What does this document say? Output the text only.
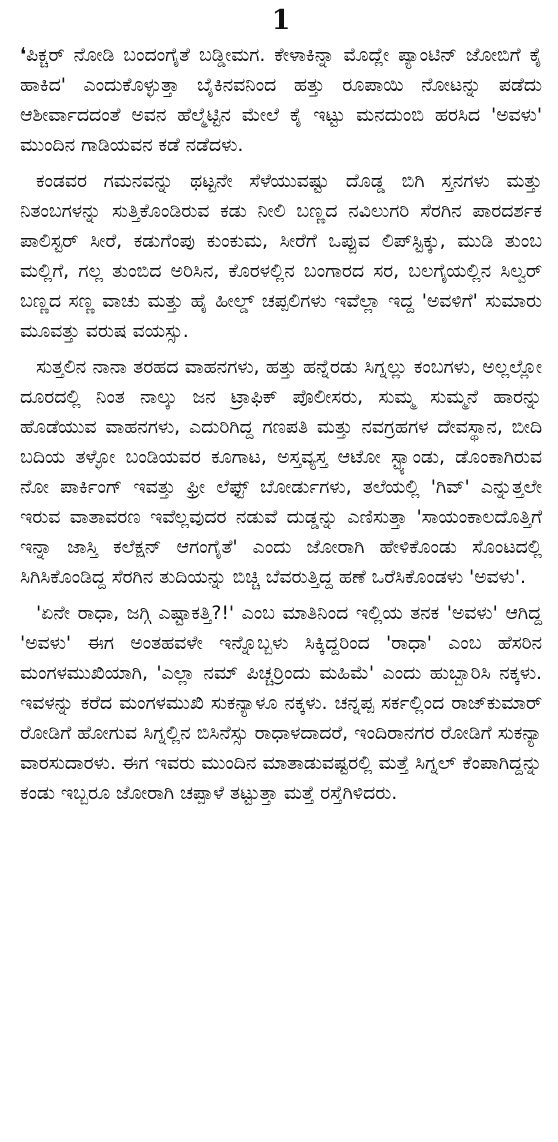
1

❛ಪಿಕ್ಚರ್ ನೋಡಿ ಬಂದಂಗೈತೆ ಬಡ್ಡೀಮಗ. ಕೇಳಾಕಿನ್ನಾ ಮೊದ್ಲೇ ಪ್ಯಾಂಟಿನ್ ಜೋಬಿಗೆ ಕೈ ಹಾಕಿದ' ಎಂದುಕೊಳ್ಳುತ್ತಾ ಬೈಕಿನವನಿಂದ ಹತ್ತು ರೂಪಾಯಿ ನೋಟನ್ನು ಪಡೆದು ಆಶೀರ್ವಾದದಂತೆ ಅವನ ಹೆಲ್ಮೆಟ್ಟಿನ ಮೇಲೆ ಕೈ ಇಟ್ಟು ಮನದುಂಬಿ ಹರಸಿದ 'ಅವಳು' ಮುಂದಿನ ಗಾಡಿಯವನ ಕಡೆ ನಡೆದಳು.

ಕಂಡವರ ಗಮನವನ್ನು ಥಟ್ಟನೇ ಸೆಳೆಯುವಷ್ಟು ದೊಡ್ಡ ಬಿಗಿ ಸ್ತನಗಳು ಮತ್ತು ನಿತಂಬಗಳನ್ನು ಸುತ್ತಿಕೊಂಡಿರುವ ಕಡು ನೀಲಿ ಬಣ್ಣದ ನವಿಲುಗರಿ ಸೆರಗಿನ ಪಾರದರ್ಶಕ ಪಾಲಿಸ್ಟರ್ ಸೀರೆ, ಕಡುಗೆಂಪು ಕುಂಕುಮ, ಸೀರೆಗೆ ಒಪ್ಪುವ ಲಿಪ್‌ಸ್ಟಿಕ್ಕು, ಮುಡಿ ತುಂಬ ಮಲ್ಲಿಗೆ, ಗಲ್ಲ ತುಂಬಿದ ಅರಿಸಿನ, ಕೊರಳಲ್ಲಿನ ಬಂಗಾರದ ಸರ, ಬಲಗೈಯಲ್ಲಿನ ಸಿಲ್ವರ್ ಬಣ್ಣದ ಸಣ್ಣ ವಾಚು ಮತ್ತು ಹೈ ಹೀಲ್ಡ್ ಚಪ್ಪಲಿಗಳು ಇವೆಲ್ಲಾ ಇದ್ದ 'ಅವಳಿಗೆ' ಸುಮಾರು ಮೂವತ್ತು ವರುಷ ವಯಸ್ಸು.

ಸುತ್ತಲಿನ ನಾನಾ ತರಹದ ವಾಹನಗಳು, ಹತ್ತು ಹನ್ನೆರಡು ಸಿಗ್ನಲ್ಲು ಕಂಬಗಳು, ಅಲ್ಲಲ್ಲೋ ದೂರದಲ್ಲಿ ನಿಂತ ನಾಲ್ಕು ಜನ ಟ್ರಾಫಿಕ್ ಪೊಲೀಸರು, ಸುಮ್ಮ ಸುಮ್ಮನೆ ಹಾರನ್ನು ಹೊಡೆಯುವ ವಾಹನಗಳು, ಎದುರಿಗಿದ್ದ ಗಣಪತಿ ಮತ್ತು ನವಗ್ರಹಗಳ ದೇವಸ್ಥಾನ, ಬೀದಿ ಬದಿಯ ತಳ್ಳೋ ಬಂಡಿಯವರ ಕೂಗಾಟ, ಅಸ್ತವ್ಯಸ್ತ ಆಟೋ ಸ್ಟ್ಯಾಂಡು, ಡೊಂಕಾಗಿರುವ ನೋ ಪಾರ್ಕಿಂಗ್ ಇವತ್ತು ಫ್ರೀ ಲೆಫ್ಟ್ ಬೋರ್ಡುಗಳು, ತಲೆಯಲ್ಲಿ 'ಗಿವ್' ಎನ್ನುತ್ತಲೇ ಇರುವ ವಾತಾವರಣ ಇವೆಲ್ಲವುದರ ನಡುವೆ ದುಡ್ಡನ್ನು ಎಣಿಸುತ್ತಾ 'ಸಾಯಂಕಾಲದೊತ್ತಿಗೆ ಇನ್ನಾ ಜಾಸ್ತಿ ಕಲೆಕ್ಷನ್ ಆಗಂಗೈತೆ' ಎಂದು ಜೋರಾಗಿ ಹೇಳಿಕೊಂಡು ಸೊಂಟದಲ್ಲಿ ಸಿಗಿಸಿಕೊಂಡಿದ್ದ ಸೆರಗಿನ ತುದಿಯನ್ನು ಬಿಚ್ಚಿ ಬೆವರುತ್ತಿದ್ದ ಹಣೆ ಒರೆಸಿಕೊಂಡಳು 'ಅವಳು'.

'ಏನೇ ರಾಧಾ, ಜಗ್ಗಿ ಎಷ್ಟಾಕತ್ತಿ?!' ಎಂಬ ಮಾತಿನಿಂದ ಇಲ್ಲಿಯ ತನಕ 'ಅವಳು' ಆಗಿದ್ದ 'ಅವಳು' ಈಗ ಅಂತಹವಳೇ ಇನ್ನೊಬ್ಬಳು ಸಿಕ್ಕಿದ್ದರಿಂದ 'ರಾಧಾ' ಎಂಬ ಹೆಸರಿನ ಮಂಗಳಮುಖಿಯಾಗಿ, 'ಎಲ್ಲಾ ನಮ್ ಪಿಚ್ಚರ್‍ರಿಂದು ಮಹಿಮೆ' ಎಂದು ಹುಬ್ಬಾರಿಸಿ ನಕ್ಕಳು. ಇವಳನ್ನು ಕರೆದ ಮಂಗಳಮುಖಿ ಸುಕನ್ಯಾಳೂ ನಕ್ಕಳು. ಚನ್ನಪ್ಪ ಸರ್ಕಲ್ಲಿಂದ ರಾಜ್‌ಕುಮಾರ್ ರೋಡಿಗೆ ಹೋಗುವ ಸಿಗ್ನಲ್ಲಿನ ಬಿಸಿನೆಸ್ಸು ರಾಧಾಳದಾದರೆ, ಇಂದಿರಾನಗರ ರೋಡಿಗೆ ಸುಕನ್ಯಾ ವಾರಸುದಾರಳು. ಈಗ ಇವರು ಮುಂದಿನ ಮಾತಾಡುವಷ್ಟರಲ್ಲಿ ಮತ್ತೆ ಸಿಗ್ನಲ್ ಕೆಂಪಾಗಿದ್ದನ್ನು ಕಂಡು ಇಬ್ಬರೂ ಜೋರಾಗಿ ಚಪ್ಪಾಳೆ ತಟ್ಟುತ್ತಾ ಮತ್ತೆ ರಸ್ತೆಗಿಳಿದರು.
